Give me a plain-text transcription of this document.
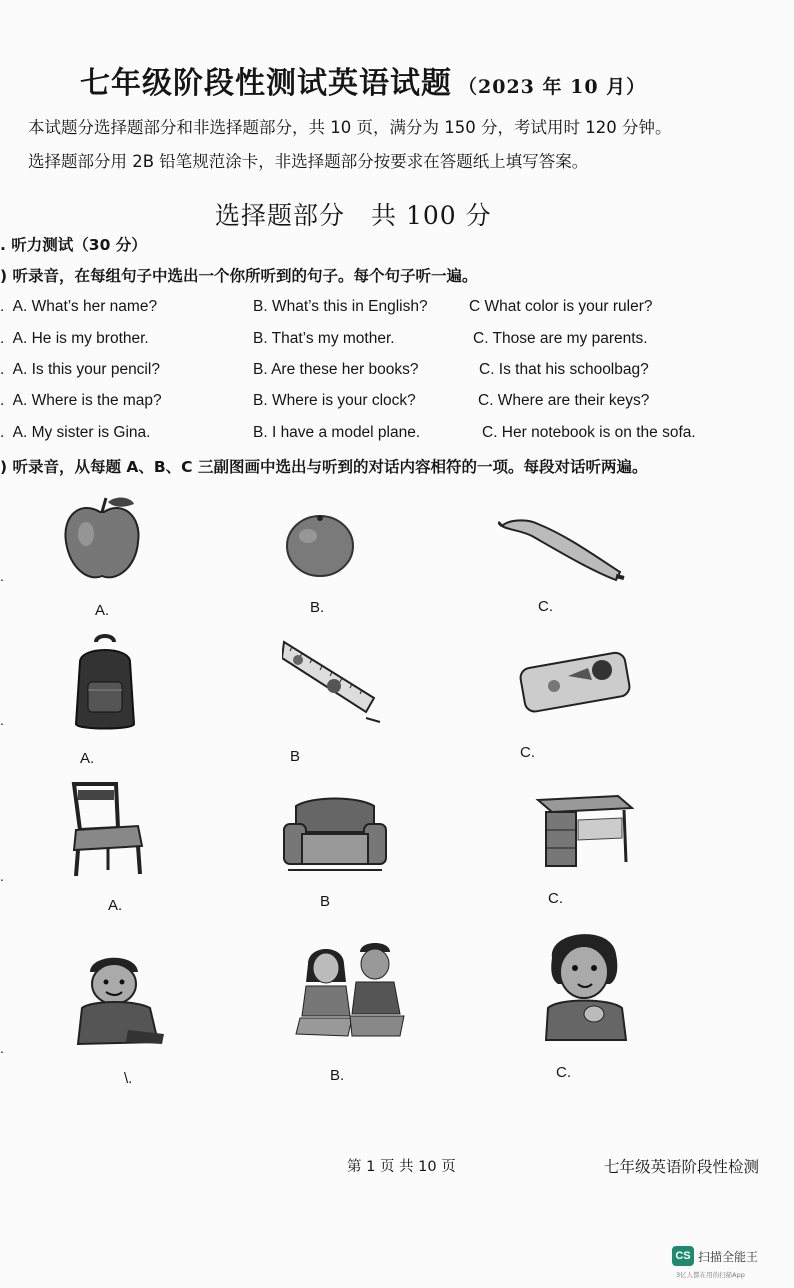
七年级阶段性测试英语试题 （2023 年 10 月）
本试题分选择题部分和非选择题部分，共 10 页，满分为 150 分，考试用时 120 分钟。
选择题部分用 2B 铅笔规范涂卡，非选择题部分按要求在答题纸上填写答案。
选择题部分　共 100 分
. 听力测试（30 分）
) 听录音，在每组句子中选出一个你所听到的句子。每个句子听一遍。
. A. What’s her name?	B. What’s this in English?	C What color is your ruler?
. A. He is my brother.	B. That’s my mother.	C. Those are my parents.
. A. Is this your pencil?	B. Are these her books?	C. Is that his schoolbag?
. A. Where is the map?	B. Where is your clock?	C. Where are their keys?
. A. My sister is Gina.	B. I have a model plane.	C. Her notebook is on the sofa.
) 听录音，从每题 A、B、C 三副图画中选出与听到的对话内容相符的一项。每段对话听两遍。
.
A.	B.	C.
.
A.	B	C.
.
A.	B	C.
.
\.	B.	C.
第 1 页 共 10 页	七年级英语阶段性检测
CS 扫描全能王
3亿人都在用的扫描App
